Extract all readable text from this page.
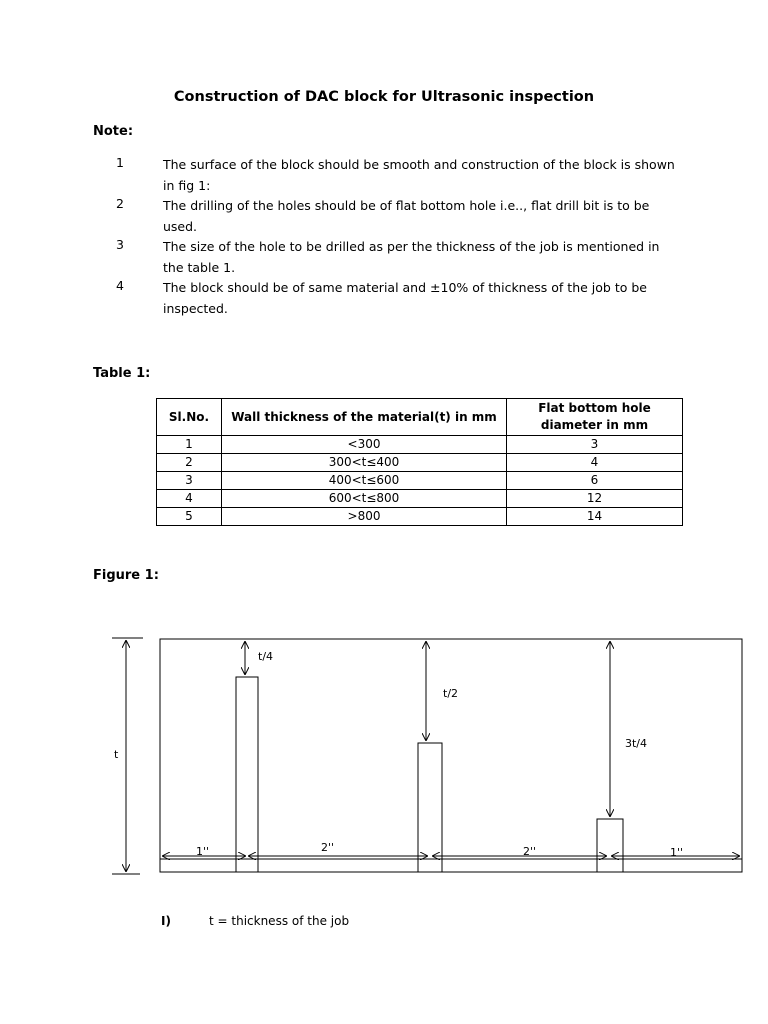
Construction of DAC block for Ultrasonic inspection
Note:
1	The surface of the block should be smooth and construction of the block is shown in fig 1:
2	The drilling of the holes should be of flat bottom hole i.e.., flat drill bit is to be used.
3	The size of the hole to be drilled as per the thickness of the job is mentioned in the table 1.
4	The block should be of same material and ±10% of thickness of the job to be inspected.
Table 1:
Sl.No.	Wall thickness of the material(t) in mm	Flat bottom hole diameter in mm
1	<300	3
2	300<t≤400	4
3	400<t≤600	6
4	600<t≤800	12
5	>800	14
Figure 1:
t
t/4
t/2
3t/4
1''	2''	2''	1''
I)	t = thickness of the job
